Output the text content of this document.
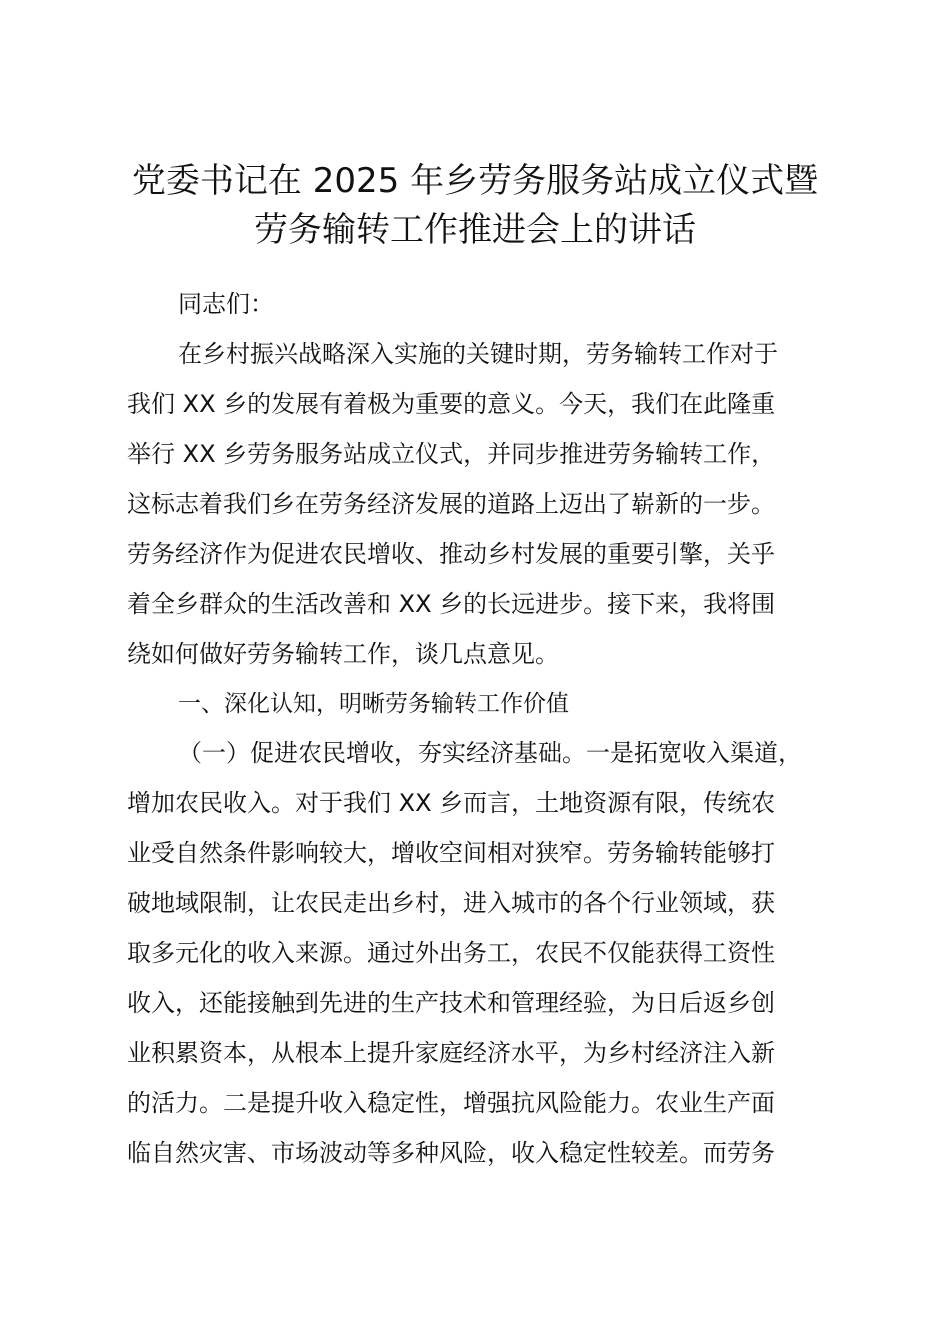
党委书记在 2025 年乡劳务服务站成立仪式暨
劳务输转工作推进会上的讲话
同志们：
在乡村振兴战略深入实施的关键时期，劳务输转工作对于
我们 XX 乡的发展有着极为重要的意义。今天，我们在此隆重
举行 XX 乡劳务服务站成立仪式，并同步推进劳务输转工作，
这标志着我们乡在劳务经济发展的道路上迈出了崭新的一步。
劳务经济作为促进农民增收、推动乡村发展的重要引擎，关乎
着全乡群众的生活改善和 XX 乡的长远进步。接下来，我将围
绕如何做好劳务输转工作，谈几点意见。
一、深化认知，明晰劳务输转工作价值
（一）促进农民增收，夯实经济基础。一是拓宽收入渠道，
增加农民收入。对于我们 XX 乡而言，土地资源有限，传统农
业受自然条件影响较大，增收空间相对狭窄。劳务输转能够打
破地域限制，让农民走出乡村，进入城市的各个行业领域，获
取多元化的收入来源。通过外出务工，农民不仅能获得工资性
收入，还能接触到先进的生产技术和管理经验，为日后返乡创
业积累资本，从根本上提升家庭经济水平，为乡村经济注入新
的活力。二是提升收入稳定性，增强抗风险能力。农业生产面
临自然灾害、市场波动等多种风险，收入稳定性较差。而劳务
